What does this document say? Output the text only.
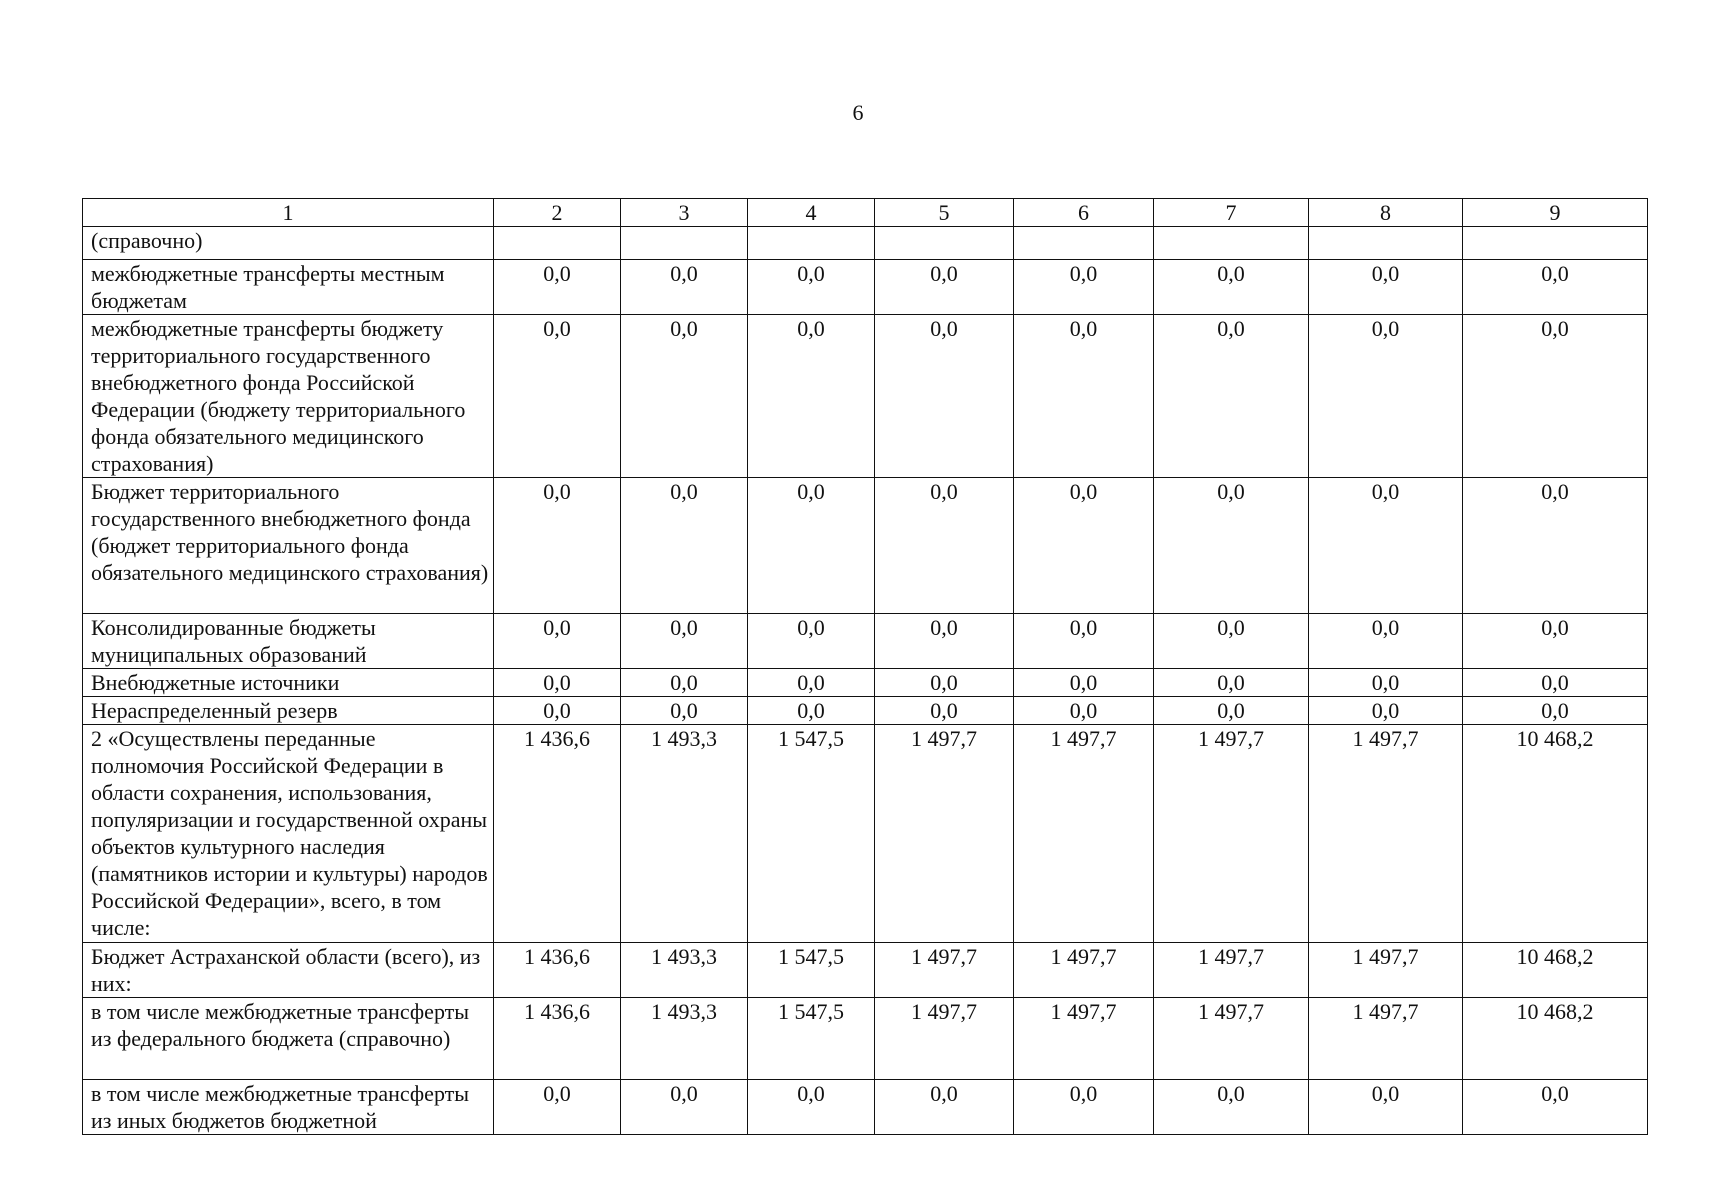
6
1	2	3	4	5	6	7	8	9
(справочно)								
межбюджетные трансферты местным бюджетам	0,0	0,0	0,0	0,0	0,0	0,0	0,0	0,0
межбюджетные трансферты бюджету территориального государственного внебюджетного фонда Российской Федерации (бюджету территориального фонда обязательного медицинского страхования)	0,0	0,0	0,0	0,0	0,0	0,0	0,0	0,0
Бюджет территориального государственного внебюджетного фонда (бюджет территориального фонда обязательного медицинского страхования)	0,0	0,0	0,0	0,0	0,0	0,0	0,0	0,0
Консолидированные бюджеты муниципальных образований	0,0	0,0	0,0	0,0	0,0	0,0	0,0	0,0
Внебюджетные источники	0,0	0,0	0,0	0,0	0,0	0,0	0,0	0,0
Нераспределенный резерв	0,0	0,0	0,0	0,0	0,0	0,0	0,0	0,0
2 «Осуществлены переданные полномочия Российской Федерации в области сохранения, использования, популяризации и государственной охраны объектов культурного наследия (памятников истории и культуры) народов Российской Федерации», всего, в том числе:	1 436,6	1 493,3	1 547,5	1 497,7	1 497,7	1 497,7	1 497,7	10 468,2
Бюджет Астраханской области (всего), из них:	1 436,6	1 493,3	1 547,5	1 497,7	1 497,7	1 497,7	1 497,7	10 468,2
в том числе межбюджетные трансферты из федерального бюджета (справочно)	1 436,6	1 493,3	1 547,5	1 497,7	1 497,7	1 497,7	1 497,7	10 468,2
в том числе межбюджетные трансферты из иных бюджетов бюджетной	0,0	0,0	0,0	0,0	0,0	0,0	0,0	0,0
